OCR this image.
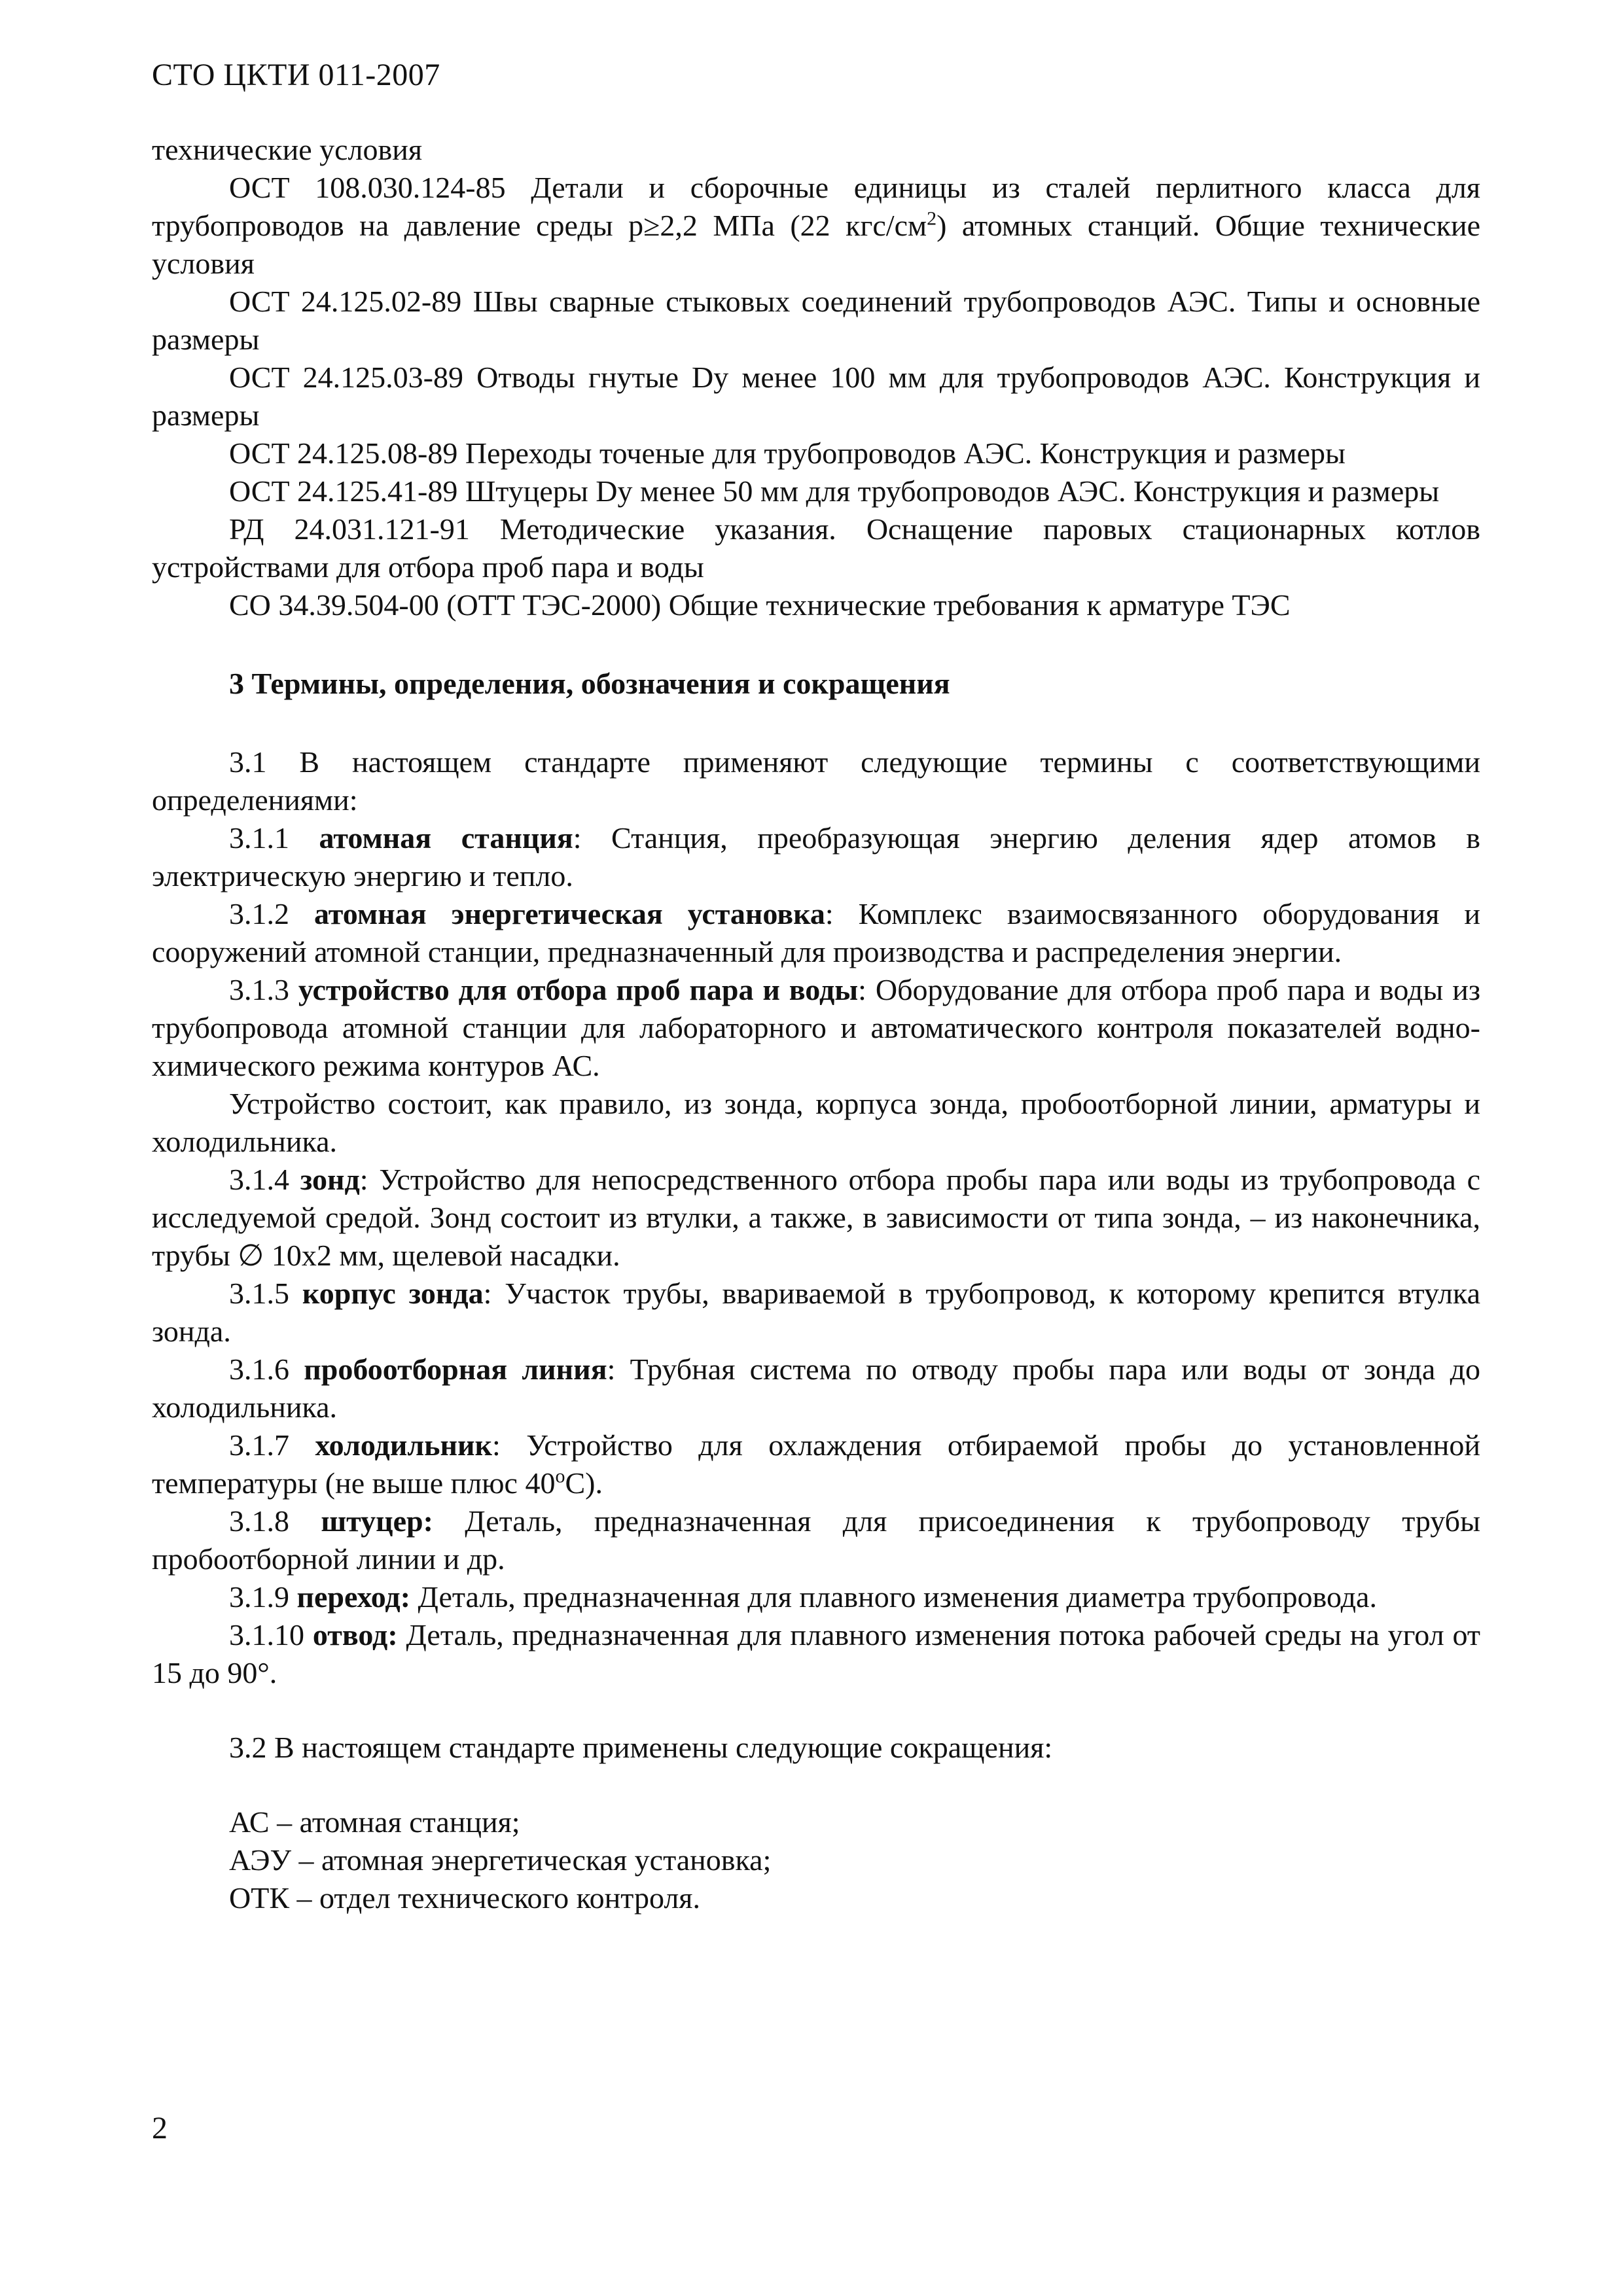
СТО ЦКТИ 011-2007

технические условия

ОСТ 108.030.124-85 Детали и сборочные единицы из сталей перлитного класса для трубопроводов на давление среды р≥2,2 МПа (22 кгс/$см^2$) атомных станций. Общие технические условия

ОСТ 24.125.02-89 Швы сварные стыковых соединений трубопроводов АЭС. Типы и основные размеры

ОСТ 24.125.03-89 Отводы гнутые Dу менее 100 мм для трубопроводов АЭС. Конструкция и размеры

ОСТ 24.125.08-89 Переходы точеные для трубопроводов АЭС. Конструкция и размеры

ОСТ 24.125.41-89 Штуцеры Dу менее 50 мм для трубопроводов АЭС. Конструкция и размеры

РД 24.031.121-91 Методические указания. Оснащение паровых стационарных котлов устройствами для отбора проб пара и воды

СО 34.39.504-00 (ОТТ ТЭС-2000) Общие технические требования к арматуре ТЭС

3 Термины, определения, обозначения и сокращения

3.1 В настоящем стандарте применяют следующие термины с соответствующими определениями:

3.1.1 атомная станция: Станция, преобразующая энергию деления ядер атомов в электрическую энергию и тепло.

3.1.2 атомная энергетическая установка: Комплекс взаимосвязанного оборудования и сооружений атомной станции, предназначенный для производства и распределения энергии.

3.1.3 устройство для отбора проб пара и воды: Оборудование для отбора проб пара и воды из трубопровода атомной станции для лабораторного и автоматического контроля показателей водно-химического режима контуров АС.

Устройство состоит, как правило, из зонда, корпуса зонда, пробоотборной линии, арматуры и холодильника.

3.1.4 зонд: Устройство для непосредственного отбора пробы пара или воды из трубопровода с исследуемой средой. Зонд состоит из втулки, а также, в зависимости от типа зонда, – из наконечника, трубы ∅ 10х2 мм, щелевой насадки.

3.1.5 корпус зонда: Участок трубы, ввариваемой в трубопровод, к которому крепится втулка зонда.

3.1.6 пробоотборная линия: Трубная система по отводу пробы пара или воды от зонда до холодильника.

3.1.7 холодильник: Устройство для охлаждения отбираемой пробы до установленной температуры (не выше плюс $40^оС$).

3.1.8 штуцер: Деталь, предназначенная для присоединения к трубопроводу трубы пробоотборной линии и др.

3.1.9 переход: Деталь, предназначенная для плавного изменения диаметра трубопровода.

3.1.10 отвод: Деталь, предназначенная для плавного изменения потока рабочей среды на угол от 15 до 90°.

3.2 В настоящем стандарте применены следующие сокращения:

АС – атомная станция;

АЭУ – атомная энергетическая установка;

ОТК – отдел технического контроля.

2
